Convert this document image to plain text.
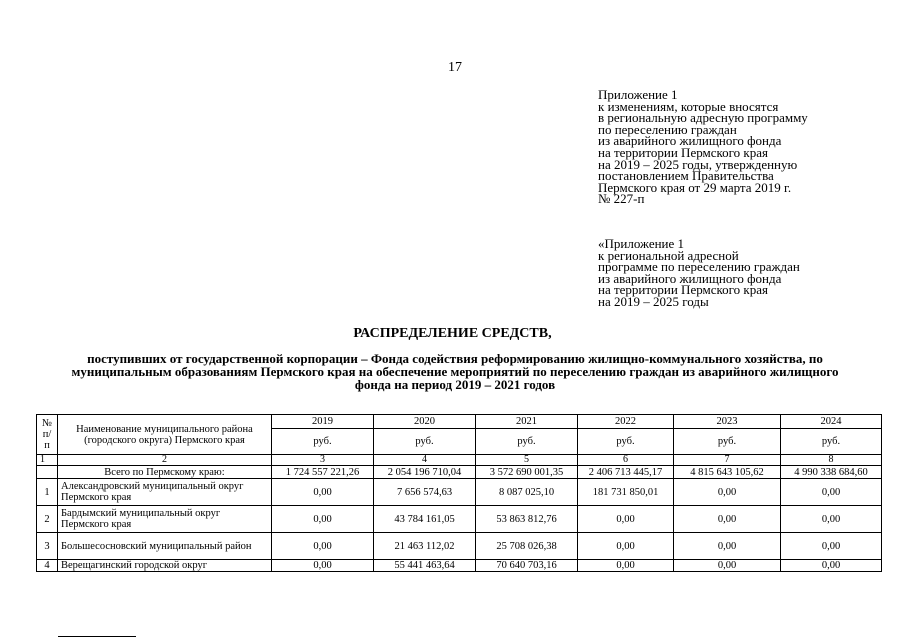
17
Приложение 1
к изменениям, которые вносятся
в региональную адресную программу
по переселению граждан
из аварийного жилищного фонда
на территории Пермского края
на 2019 – 2025 годы, утвержденную
постановлением Правительства
Пермского края от 29 марта 2019 г.
№ 227-п
«Приложение 1
к региональной адресной
программе по переселению граждан
из аварийного жилищного фонда
на территории Пермского края
на 2019 – 2025 годы
РАСПРЕДЕЛЕНИЕ СРЕДСТВ,
поступивших от государственной корпорации – Фонда содействия реформированию жилищно-коммунального хозяйства, по муниципальным образованиям Пермского края на обеспечение мероприятий по переселению граждан из аварийного жилищного фонда на период 2019 – 2021 годов
№ п/п	Наименование муниципального района (городского округа) Пермского края	2019	2020	2021	2022	2023	2024
		руб.	руб.	руб.	руб.	руб.	руб.
1	2	3	4	5	6	7	8
	Всего по Пермскому краю:	1 724 557 221,26	2 054 196 710,04	3 572 690 001,35	2 406 713 445,17	4 815 643 105,62	4 990 338 684,60
1	Александровский муниципальный округ Пермского края	0,00	7 656 574,63	8 087 025,10	181 731 850,01	0,00	0,00
2	Бардымский муниципальный округ Пермского края	0,00	43 784 161,05	53 863 812,76	0,00	0,00	0,00
3	Большесосновский муниципальный район	0,00	21 463 112,02	25 708 026,38	0,00	0,00	0,00
4	Верещагинский городской округ	0,00	55 441 463,64	70 640 703,16	0,00	0,00	0,00
